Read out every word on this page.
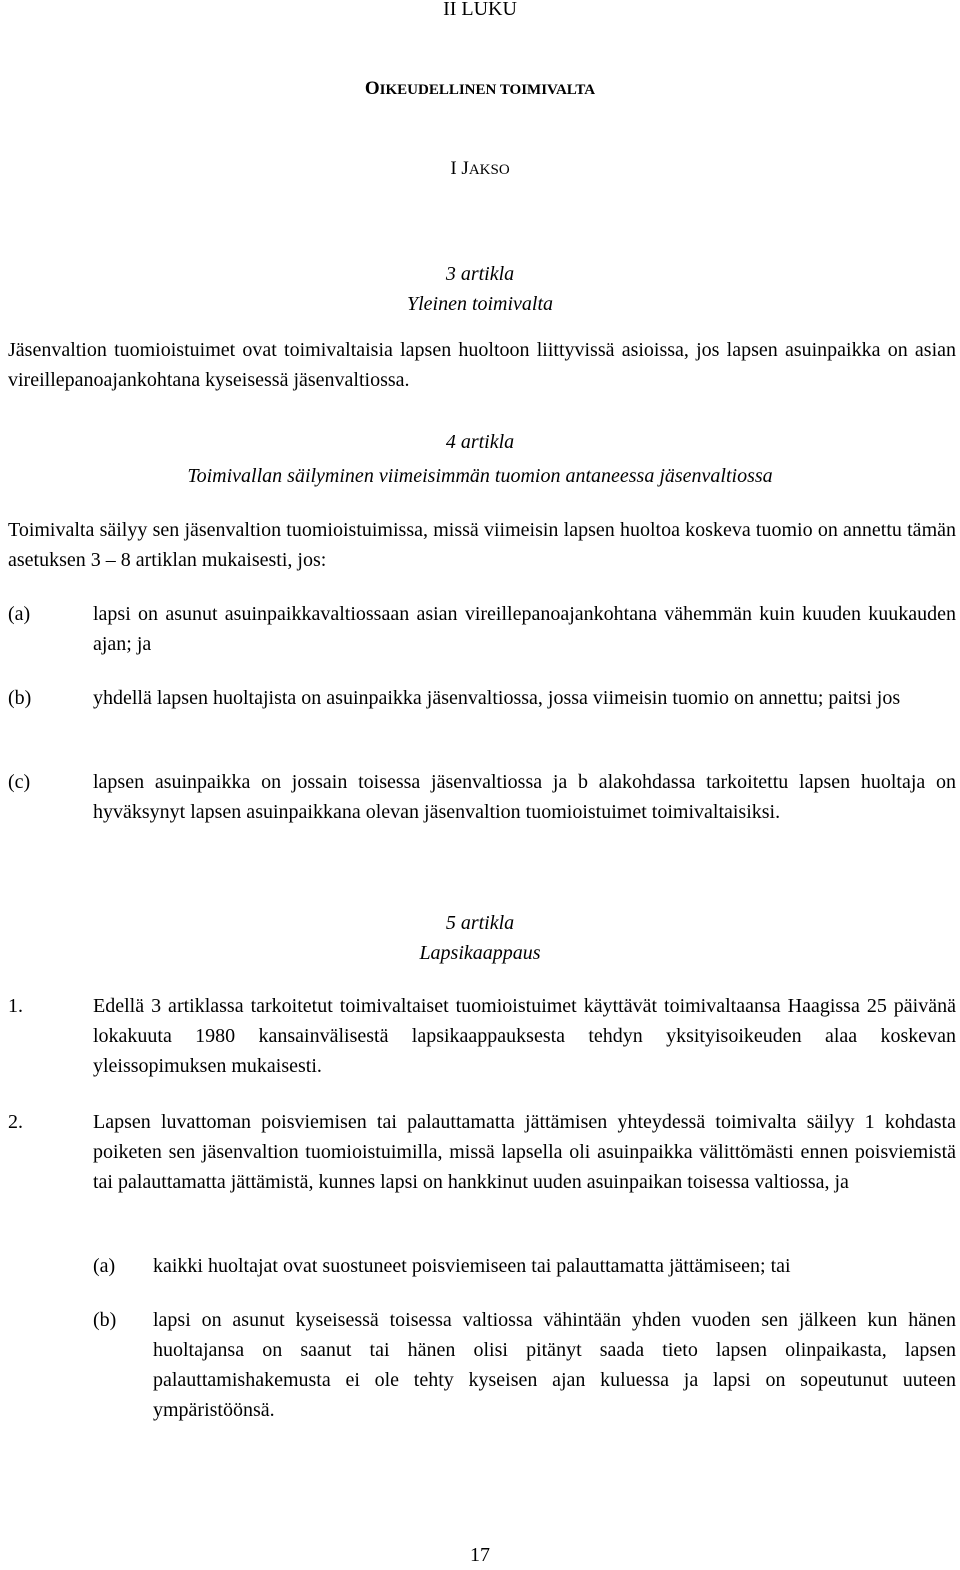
II LUKU
OIKEUDELLINEN TOIMIVALTA
I JAKSO
3 artikla
Yleinen toimivalta
Jäsenvaltion tuomioistuimet ovat toimivaltaisia lapsen huoltoon liittyvissä asioissa, jos lapsen asuinpaikka on asian vireillepanoajankohtana kyseisessä jäsenvaltiossa.
4 artikla
Toimivallan säilyminen viimeisimmän tuomion antaneessa jäsenvaltiossa
Toimivalta säilyy sen jäsenvaltion tuomioistuimissa, missä viimeisin lapsen huoltoa koskeva tuomio on annettu tämän asetuksen 3 – 8 artiklan mukaisesti, jos:
(a)	lapsi on asunut asuinpaikkavaltiossaan asian vireillepanoajankohtana vähemmän kuin kuuden kuukauden ajan; ja
(b)	yhdellä lapsen huoltajista on asuinpaikka jäsenvaltiossa, jossa viimeisin tuomio on annettu; paitsi jos
(c)	lapsen asuinpaikka on jossain toisessa jäsenvaltiossa ja b alakohdassa tarkoitettu lapsen huoltaja on hyväksynyt lapsen asuinpaikkana olevan jäsenvaltion tuomioistuimet toimivaltaisiksi.
5 artikla
Lapsikaappaus
1.	Edellä 3 artiklassa tarkoitetut toimivaltaiset tuomioistuimet käyttävät toimivaltaansa Haagissa 25 päivänä lokakuuta 1980 kansainvälisestä lapsikaappauksesta tehdyn yksityisoikeuden alaa koskevan yleissopimuksen mukaisesti.
2.	Lapsen luvattoman poisviemisen tai palauttamatta jättämisen yhteydessä toimivalta säilyy 1 kohdasta poiketen sen jäsenvaltion tuomioistuimilla, missä lapsella oli asuinpaikka välittömästi ennen poisviemistä tai palauttamatta jättämistä, kunnes lapsi on hankkinut uuden asuinpaikan toisessa valtiossa, ja
(a) kaikki huoltajat ovat suostuneet poisviemiseen tai palauttamatta jättämiseen; tai
(b) lapsi on asunut kyseisessä toisessa valtiossa vähintään yhden vuoden sen jälkeen kun hänen huoltajansa on saanut tai hänen olisi pitänyt saada tieto lapsen olinpaikasta, lapsen palauttamishakemusta ei ole tehty kyseisen ajan kuluessa ja lapsi on sopeutunut uuteen ympäristöönsä.
17
